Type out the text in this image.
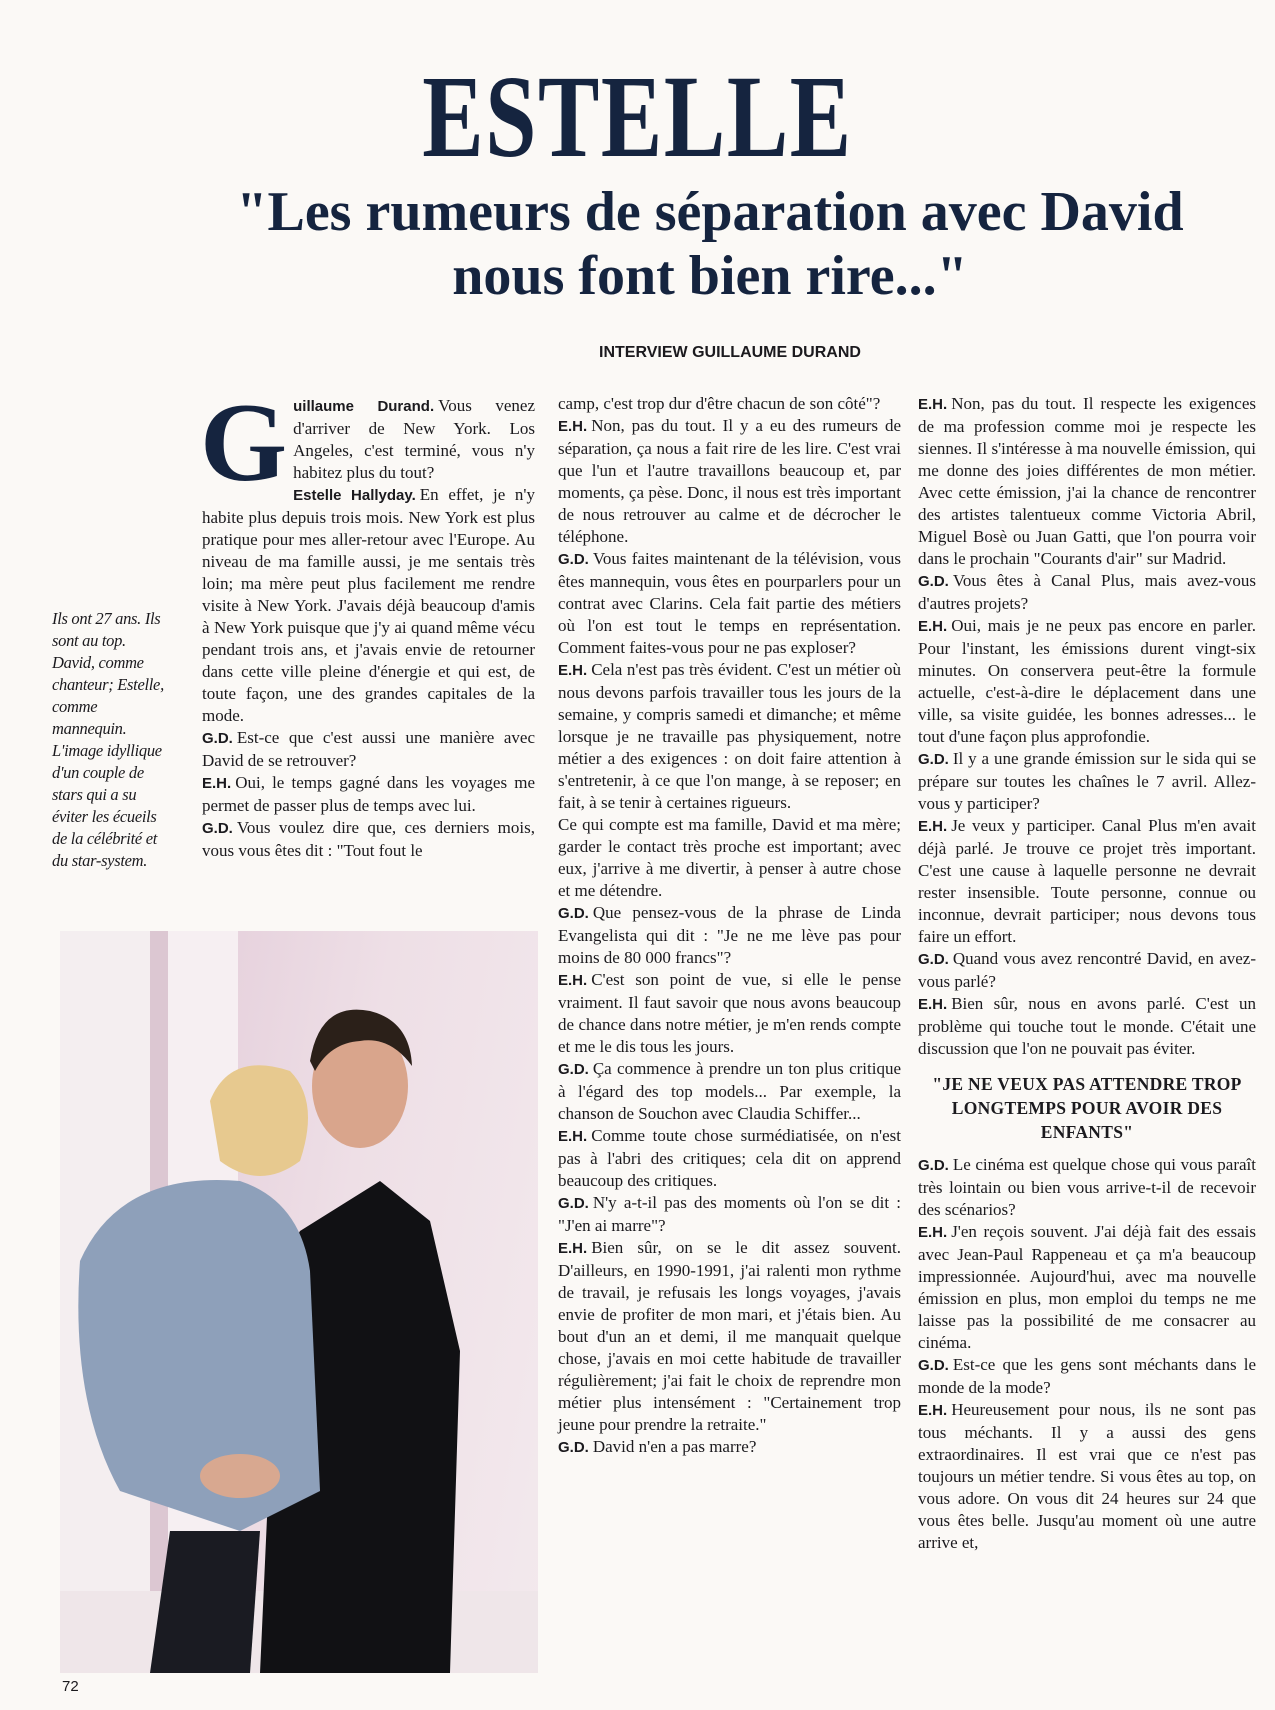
ESTELLE
"Les rumeurs de séparation avec David nous font bien rire..."
INTERVIEW GUILLAUME DURAND
Ils ont 27 ans. Ils sont au top. David, comme chanteur; Estelle, comme mannequin. L'image idyllique d'un couple de stars qui a su éviter les écueils de la célébrité et du star-system.

Guillaume Durand. Vous venez d'arriver de New York. Los Angeles, c'est terminé, vous n'y habitez plus du tout?

Estelle Hallyday. En effet, je n'y habite plus depuis trois mois. New York est plus pratique pour mes aller-retour avec l'Europe. Au niveau de ma famille aussi, je me sentais très loin; ma mère peut plus facilement me rendre visite à New York. J'avais déjà beaucoup d'amis à New York puisque que j'y ai quand même vécu pendant trois ans, et j'avais envie de retourner dans cette ville pleine d'énergie et qui est, de toute façon, une des grandes capitales de la mode.

G.D. Est-ce que c'est aussi une manière avec David de se retrouver?

E.H. Oui, le temps gagné dans les voyages me permet de passer plus de temps avec lui.

G.D. Vous voulez dire que, ces derniers mois, vous vous êtes dit : "Tout fout le

camp, c'est trop dur d'être chacun de son côté"?

E.H. Non, pas du tout. Il y a eu des rumeurs de séparation, ça nous a fait rire de les lire. C'est vrai que l'un et l'autre travaillons beaucoup et, par moments, ça pèse. Donc, il nous est très important de nous retrouver au calme et de décrocher le téléphone.

G.D. Vous faites maintenant de la télévision, vous êtes mannequin, vous êtes en pourparlers pour un contrat avec Clarins. Cela fait partie des métiers où l'on est tout le temps en représentation. Comment faites-vous pour ne pas exploser?

E.H. Cela n'est pas très évident. C'est un métier où nous devons parfois travailler tous les jours de la semaine, y compris samedi et dimanche; et même lorsque je ne travaille pas physiquement, notre métier a des exigences : on doit faire attention à s'entretenir, à ce que l'on mange, à se reposer; en fait, à se tenir à certaines rigueurs.

Ce qui compte est ma famille, David et ma mère; garder le contact très proche est important; avec eux, j'arrive à me divertir, à penser à autre chose et me détendre.

G.D. Que pensez-vous de la phrase de Linda Evangelista qui dit : "Je ne me lève pas pour moins de 80 000 francs"?

E.H. C'est son point de vue, si elle le pense vraiment. Il faut savoir que nous avons beaucoup de chance dans notre métier, je m'en rends compte et me le dis tous les jours.

G.D. Ça commence à prendre un ton plus critique à l'égard des top models... Par exemple, la chanson de Souchon avec Claudia Schiffer...

E.H. Comme toute chose surmédiatisée, on n'est pas à l'abri des critiques; cela dit on apprend beaucoup des critiques.

G.D. N'y a-t-il pas des moments où l'on se dit : "J'en ai marre"?

E.H. Bien sûr, on se le dit assez souvent. D'ailleurs, en 1990-1991, j'ai ralenti mon rythme de travail, je refusais les longs voyages, j'avais envie de profiter de mon mari, et j'étais bien. Au bout d'un an et demi, il me manquait quelque chose, j'avais en moi cette habitude de travailler régulièrement; j'ai fait le choix de reprendre mon métier plus intensément : "Certainement trop jeune pour prendre la retraite."

G.D. David n'en a pas marre?

E.H. Non, pas du tout. Il respecte les exigences de ma profession comme moi je respecte les siennes. Il s'intéresse à ma nouvelle émission, qui me donne des joies différentes de mon métier. Avec cette émission, j'ai la chance de rencontrer des artistes talentueux comme Victoria Abril, Miguel Bosè ou Juan Gatti, que l'on pourra voir dans le prochain "Courants d'air" sur Madrid.

G.D. Vous êtes à Canal Plus, mais avez-vous d'autres projets?

E.H. Oui, mais je ne peux pas encore en parler. Pour l'instant, les émissions durent vingt-six minutes. On conservera peut-être la formule actuelle, c'est-à-dire le déplacement dans une ville, sa visite guidée, les bonnes adresses... le tout d'une façon plus approfondie.

G.D. Il y a une grande émission sur le sida qui se prépare sur toutes les chaînes le 7 avril. Allez-vous y participer?

E.H. Je veux y participer. Canal Plus m'en avait déjà parlé. Je trouve ce projet très important. C'est une cause à laquelle personne ne devrait rester insensible. Toute personne, connue ou inconnue, devrait participer; nous devons tous faire un effort.

G.D. Quand vous avez rencontré David, en avez-vous parlé?

E.H. Bien sûr, nous en avons parlé. C'est un problème qui touche tout le monde. C'était une discussion que l'on ne pouvait pas éviter.

"JE NE VEUX PAS ATTENDRE TROP LONGTEMPS POUR AVOIR DES ENFANTS"

G.D. Le cinéma est quelque chose qui vous paraît très lointain ou bien vous arrive-t-il de recevoir des scénarios?

E.H. J'en reçois souvent. J'ai déjà fait des essais avec Jean-Paul Rappeneau et ça m'a beaucoup impressionnée. Aujourd'hui, avec ma nouvelle émission en plus, mon emploi du temps ne me laisse pas la possibilité de me consacrer au cinéma.

G.D. Est-ce que les gens sont méchants dans le monde de la mode?

E.H. Heureusement pour nous, ils ne sont pas tous méchants. Il y a aussi des gens extraordinaires. Il est vrai que ce n'est pas toujours un métier tendre. Si vous êtes au top, on vous adore. On vous dit 24 heures sur 24 que vous êtes belle. Jusqu'au moment où une autre arrive et,

72
